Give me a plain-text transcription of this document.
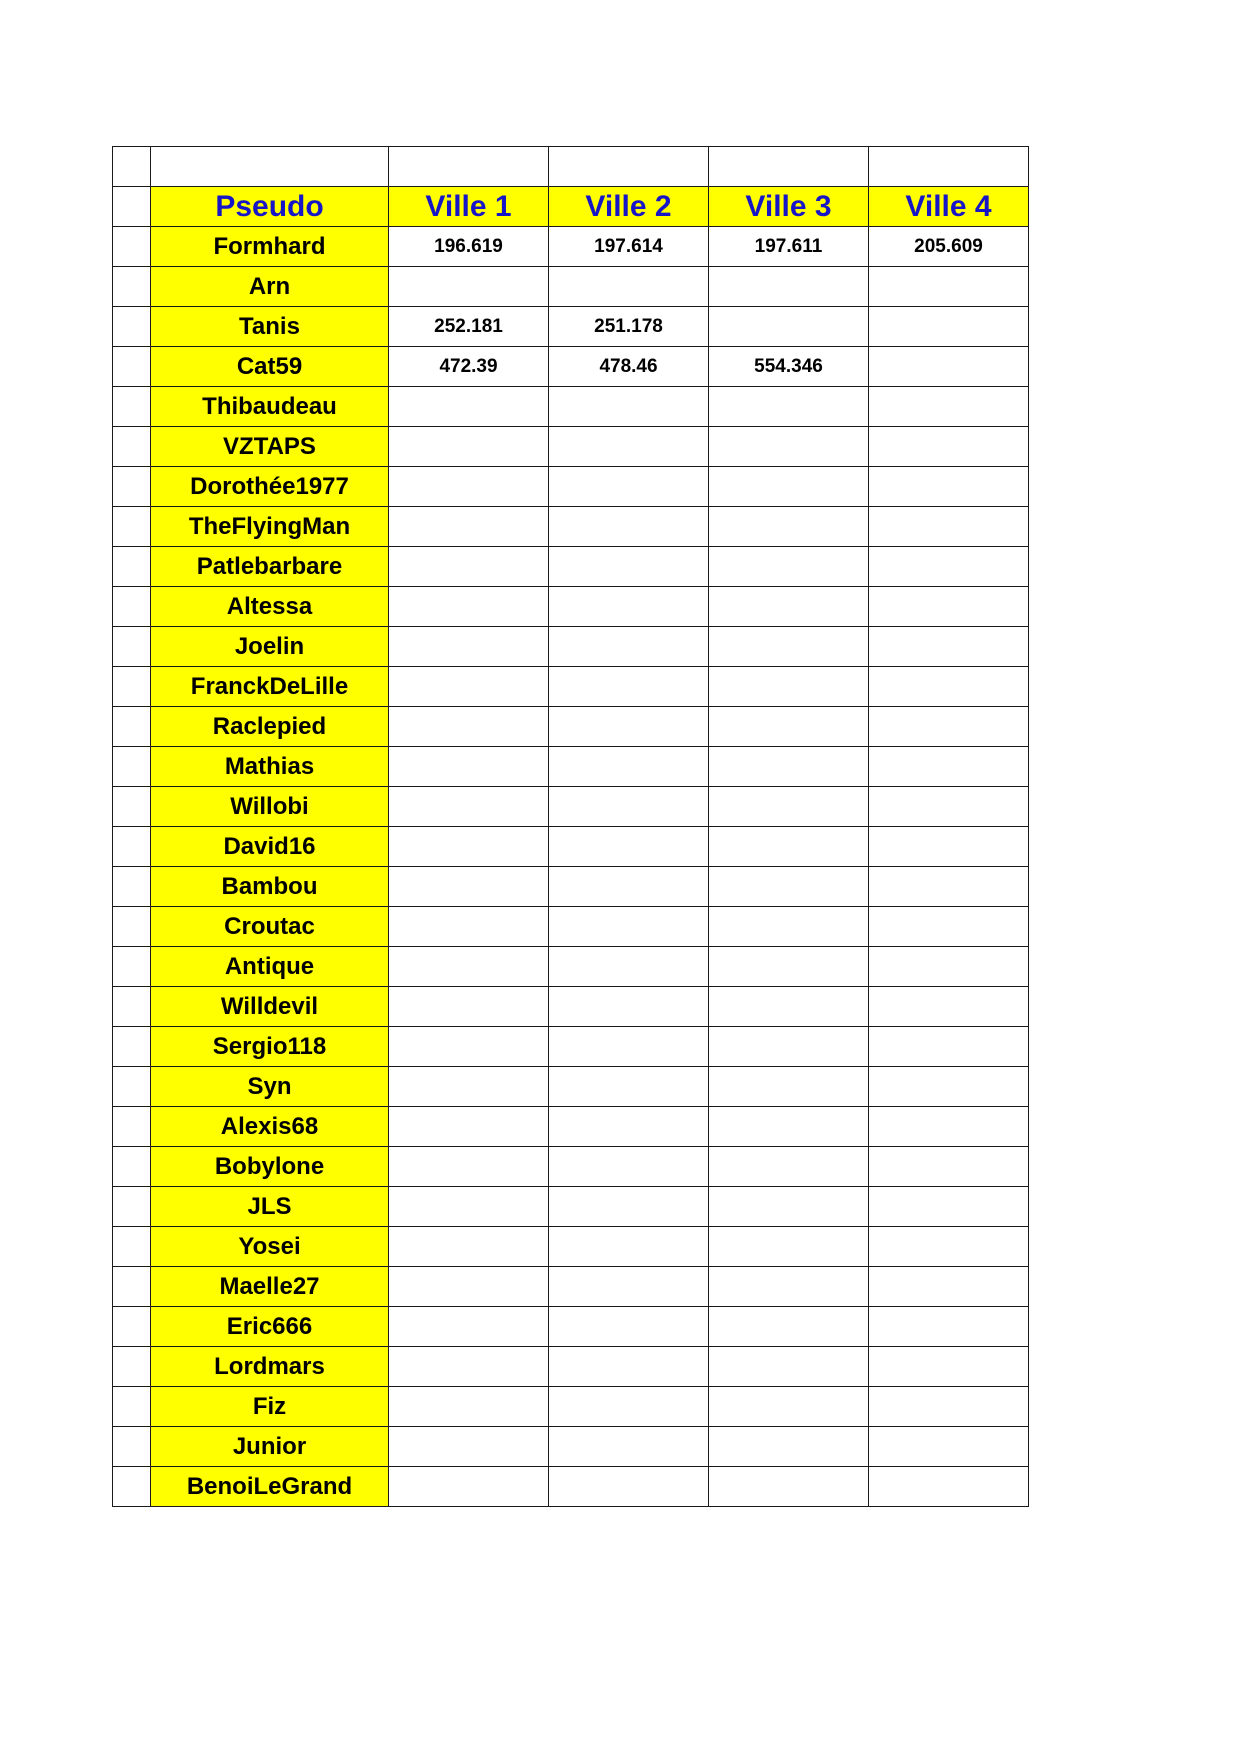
	Pseudo	Ville 1	Ville 2	Ville 3	Ville 4
	Formhard	196.619	197.614	197.611	205.609
	Arn				
	Tanis	252.181	251.178		
	Cat59	472.39	478.46	554.346	
	Thibaudeau				
	VZTAPS				
	Dorothée1977				
	TheFlyingMan				
	Patlebarbare				
	Altessa				
	Joelin				
	FranckDeLille				
	Raclepied				
	Mathias				
	Willobi				
	David16				
	Bambou				
	Croutac				
	Antique				
	Willdevil				
	Sergio118				
	Syn				
	Alexis68				
	Bobylone				
	JLS				
	Yosei				
	Maelle27				
	Eric666				
	Lordmars				
	Fiz				
	Junior				
	BenoiLeGrand				
